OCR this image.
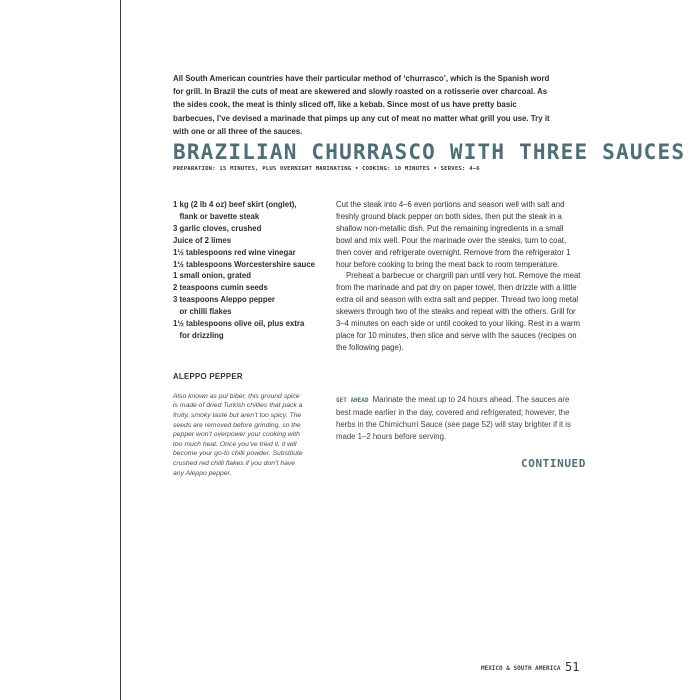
All South American countries have their particular method of ‘churrasco’, which is the Spanish word for grill. In Brazil the cuts of meat are skewered and slowly roasted on a rotisserie over charcoal. As the sides cook, the meat is thinly sliced off, like a kebab. Since most of us have pretty basic barbecues, I’ve devised a marinade that pimps up any cut of meat no matter what grill you use. Try it with one or all three of the sauces.

BRAZILIAN CHURRASCO WITH THREE SAUCES
PREPARATION: 15 MINUTES, PLUS OVERNIGHT MARINATING • COOKING: 10 MINUTES • SERVES: 4–6
1 kg (2 lb 4 oz) beef skirt (onglet),
flank or bavette steak
3 garlic cloves, crushed
Juice of 2 limes
1½ tablespoons red wine vinegar
1½ tablespoons Worcestershire sauce
1 small onion, grated
2 teaspoons cumin seeds
3 teaspoons Aleppo pepper
or chilli flakes
1½ tablespoons olive oil, plus extra
for drizzling
ALEPPO PEPPER

Also known as pul biber, this ground spice is made of dried Turkish chillies that pack a fruity, smoky taste but aren’t too spicy. The seeds are removed before grinding, so the pepper won’t overpower your cooking with too much heat. Once you’ve tried it, it will become your go-to chilli powder. Substitute crushed red chilli flakes if you don’t have any Aleppo pepper.

Cut the steak into 4–6 even portions and season well with salt and freshly ground black pepper on both sides, then put the steak in a shallow non-metallic dish. Put the remaining ingredients in a small bowl and mix well. Pour the marinade over the steaks, turn to coat, then cover and refrigerate overnight. Remove from the refrigerator 1 hour before cooking to bring the meat back to room temperature.

Preheat a barbecue or chargrill pan until very hot. Remove the meat from the marinade and pat dry on paper towel, then drizzle with a little extra oil and season with extra salt and pepper. Thread two long metal skewers through two of the steaks and repeat with the others. Grill for 3–4 minutes on each side or until cooked to your liking. Rest in a warm place for 10 minutes, then slice and serve with the sauces (recipes on the following page).

GET AHEAD Marinate the meat up to 24 hours ahead. The sauces are best made earlier in the day, covered and refrigerated; however, the herbs in the Chimichurri Sauce (see page 52) will stay brighter if it is made 1–2 hours before serving.

CONTINUED
MEXICO & SOUTH AMERICA 51
